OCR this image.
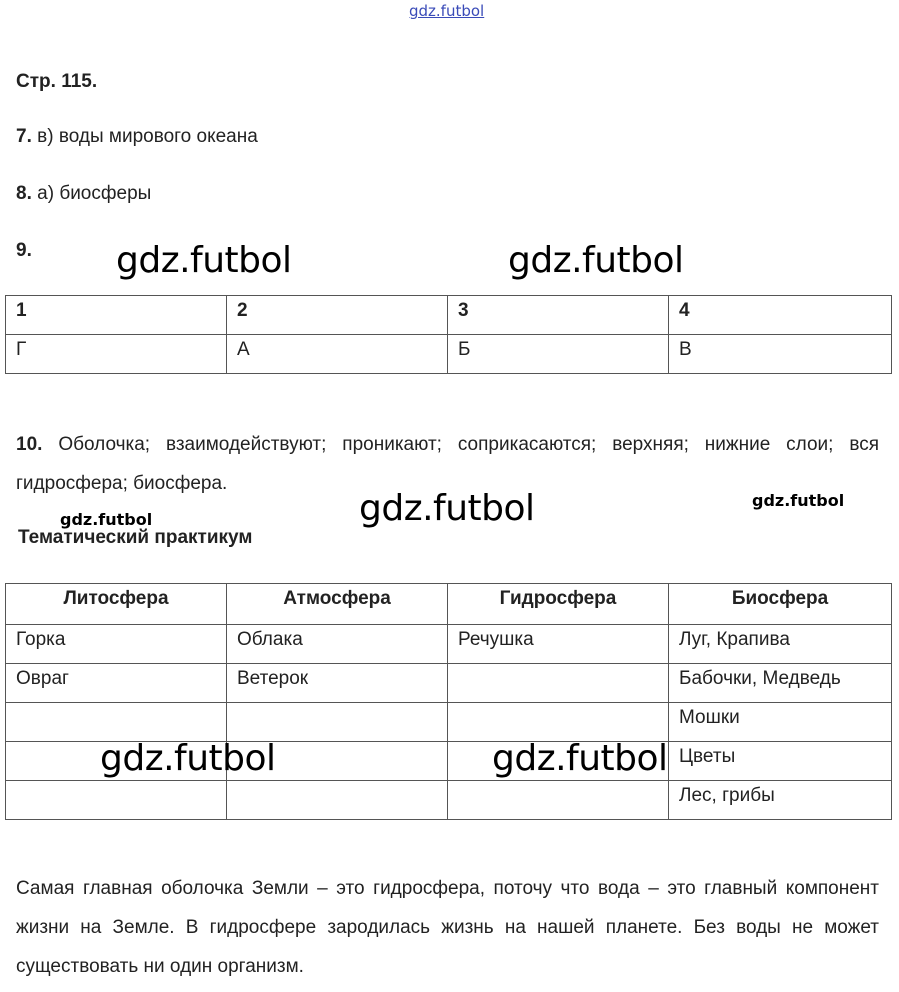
gdz.futbol
gdz.futbol	gdz.futbol
gdz.futbol	gdz.futbol
gdz.futbol
Стр. 115.
7. в) воды мирового океана
8. а) биосферы
9.
1	2	3	4
Г	А	Б	В
10. Оболочка; взаимодействуют; проникают; соприкасаются; верхняя; нижние слои; вся гидросфера; биосфера.
Тематический практикум
Литосфера	Атмосфера	Гидросфера	Биосфера
Горка	Облака	Речушка	Луг, Крапива
Овраг	Ветерок		Бабочки, Медведь
			Мошки
			Цветы
			Лес, грибы
gdz.futbol	gdz.futbol
Самая главная оболочка Земли – это гидросфера, поточу что вода – это главный компонент жизни на Земле. В гидросфере зародилась жизнь на нашей планете. Без воды не может существовать ни один организм.
